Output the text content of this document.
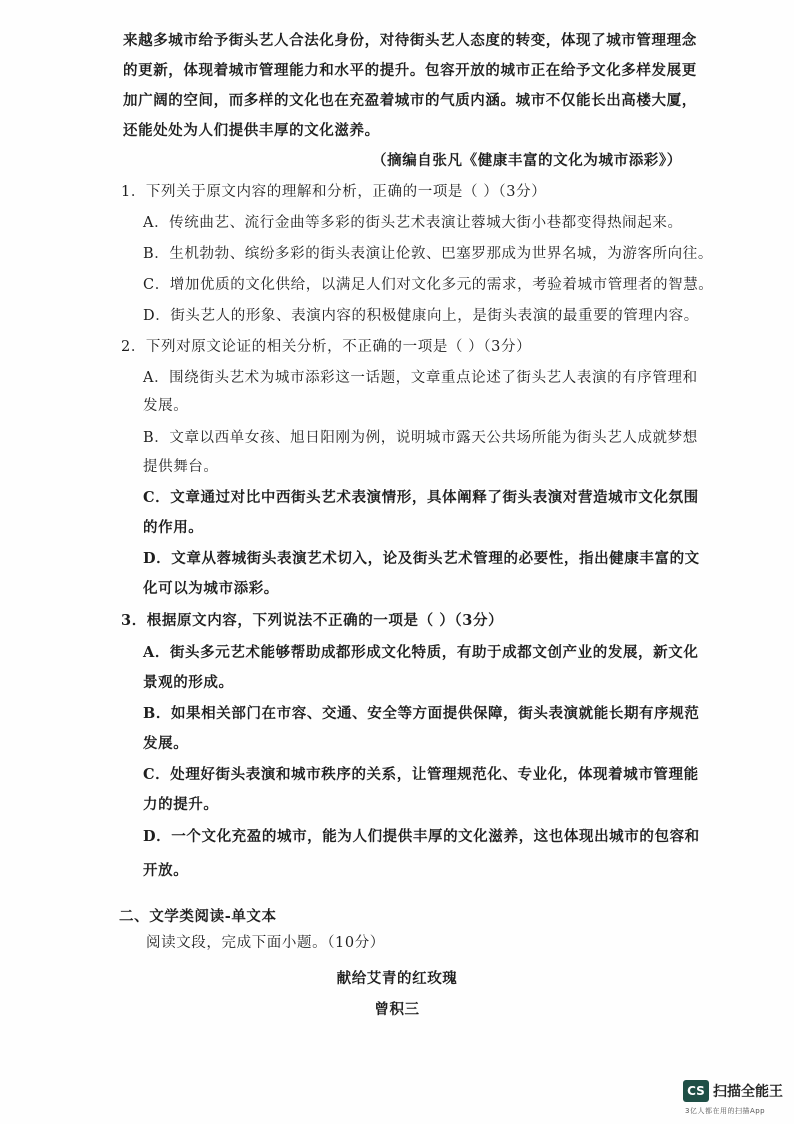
来越多城市给予街头艺人合法化身份，对待街头艺人态度的转变，体现了城市管理理念
的更新，体现着城市管理能力和水平的提升。包容开放的城市正在给予文化多样发展更
加广阔的空间，而多样的文化也在充盈着城市的气质内涵。城市不仅能长出高楼大厦，
还能处处为人们提供丰厚的文化滋养。
（摘编自张凡《健康丰富的文化为城市添彩》）
1．下列关于原文内容的理解和分析，正确的一项是（ ）（3分）
A．传统曲艺、流行金曲等多彩的街头艺术表演让蓉城大街小巷都变得热闹起来。
B．生机勃勃、缤纷多彩的街头表演让伦敦、巴塞罗那成为世界名城，为游客所向往。
C．增加优质的文化供给，以满足人们对文化多元的需求，考验着城市管理者的智慧。
D．街头艺人的形象、表演内容的积极健康向上，是街头表演的最重要的管理内容。
2．下列对原文论证的相关分析，不正确的一项是（ ）（3分）
A．围绕街头艺术为城市添彩这一话题，文章重点论述了街头艺人表演的有序管理和
发展。
B．文章以西单女孩、旭日阳刚为例，说明城市露天公共场所能为街头艺人成就梦想
提供舞台。
C．文章通过对比中西街头艺术表演情形，具体阐释了街头表演对营造城市文化氛围
的作用。
D．文章从蓉城街头表演艺术切入，论及街头艺术管理的必要性，指出健康丰富的文
化可以为城市添彩。
3．根据原文内容，下列说法不正确的一项是（ ）（3分）
A．街头多元艺术能够帮助成都形成文化特质，有助于成都文创产业的发展，新文化
景观的形成。
B．如果相关部门在市容、交通、安全等方面提供保障，街头表演就能长期有序规范
发展。
C．处理好街头表演和城市秩序的关系，让管理规范化、专业化，体现着城市管理能
力的提升。
D．一个文化充盈的城市，能为人们提供丰厚的文化滋养，这也体现出城市的包容和
开放。
二、文学类阅读-单文本
阅读文段，完成下面小题。（10分）
献给艾青的红玫瑰
曾积三
CS 扫描全能王
3亿人都在用的扫描App
